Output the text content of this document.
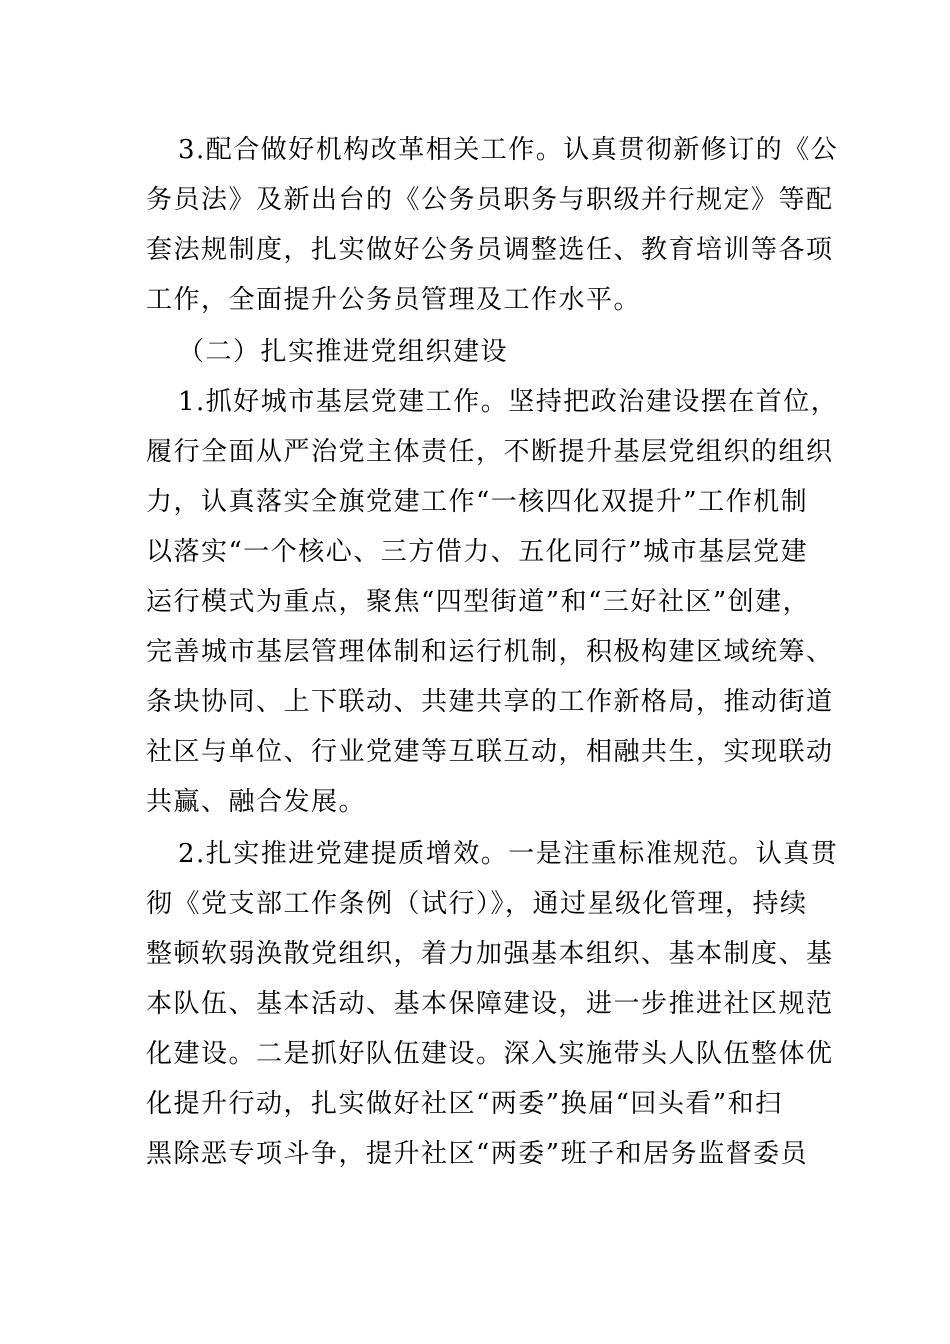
3.配合做好机构改革相关工作。认真贯彻新修订的《公
务员法》及新出台的《公务员职务与职级并行规定》等配
套法规制度，扎实做好公务员调整选任、教育培训等各项
工作，全面提升公务员管理及工作水平。
（二）扎实推进党组织建设
1.抓好城市基层党建工作。坚持把政治建设摆在首位，
履行全面从严治党主体责任，不断提升基层党组织的组织
力，认真落实全旗党建工作“一核四化双提升”工作机制
以落实“一个核心、三方借力、五化同行”城市基层党建
运行模式为重点，聚焦“四型街道”和“三好社区”创建，
完善城市基层管理体制和运行机制，积极构建区域统筹、
条块协同、上下联动、共建共享的工作新格局，推动街道
社区与单位、行业党建等互联互动，相融共生，实现联动
共赢、融合发展。
2.扎实推进党建提质增效。一是注重标准规范。认真贯
彻《党支部工作条例（试行）》，通过星级化管理，持续
整顿软弱涣散党组织，着力加强基本组织、基本制度、基
本队伍、基本活动、基本保障建设，进一步推进社区规范
化建设。二是抓好队伍建设。深入实施带头人队伍整体优
化提升行动，扎实做好社区“两委”换届“回头看”和扫
黑除恶专项斗争，提升社区“两委”班子和居务监督委员
